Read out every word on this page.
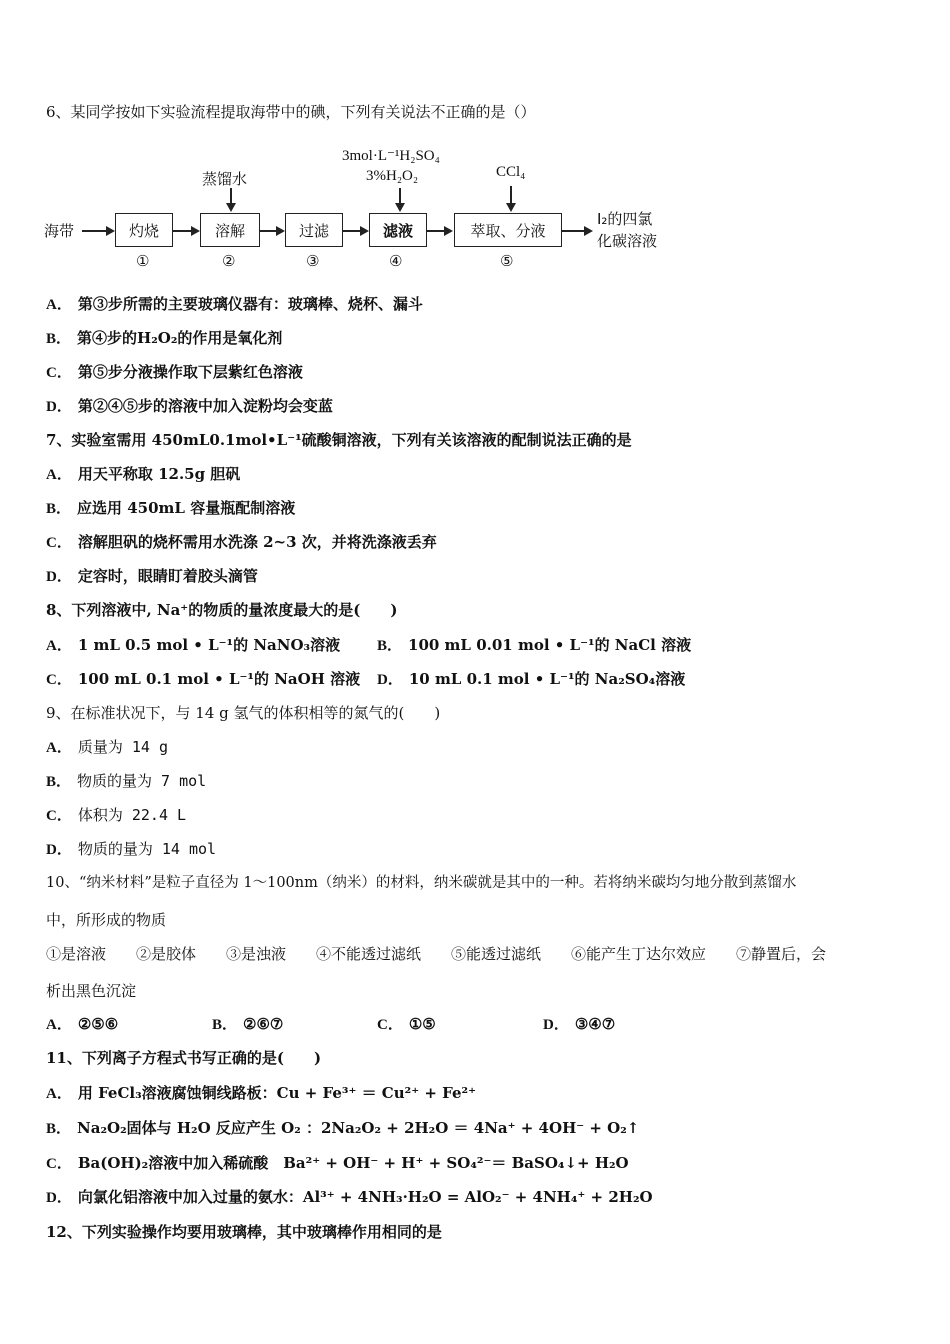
6、某同学按如下实验流程提取海带中的碘，下列有关说法不正确的是（）
海带	灼烧
①
蒸馏水
溶解
②
过滤
③
3mol·L⁻¹H₂SO₄
3%H₂O₂
滤液
④
CCl₄
萃取、分液
⑤
I₂的四氯
化碳溶液
A． 第③步所需的主要玻璃仪器有：玻璃棒、烧杯、漏斗
B． 第④步的H₂O₂的作用是氧化剂
C． 第⑤步分液操作取下层紫红色溶液
D． 第②④⑤步的溶液中加入淀粉均会变蓝
7、实验室需用 450mL0.1mol•L⁻¹硫酸铜溶液，下列有关该溶液的配制说法正确的是
A． 用天平称取 12.5g 胆矾
B． 应选用 450mL 容量瓶配制溶液
C． 溶解胆矾的烧杯需用水洗涤 2~3 次，并将洗涤液丢弃
D． 定容时，眼睛盯着胶头滴管
8、下列溶液中, Na⁺的物质的量浓度最大的是(　　)
A． 1 mL 0.5 mol • L⁻¹的 NaNO₃溶液 B． 100 mL 0.01 mol • L⁻¹的 NaCl 溶液
C． 100 mL 0.1 mol • L⁻¹的 NaOH 溶液 D． 10 mL 0.1 mol • L⁻¹的 Na₂SO₄溶液
9、在标准状况下，与 14 g 氢气的体积相等的氮气的(　　)
A． 质量为 14 g
B． 物质的量为 7 mol
C． 体积为 22.4 L
D． 物质的量为 14 mol
10、“纳米材料”是粒子直径为 1～100nm（纳米）的材料，纳米碳就是其中的一种。若将纳米碳均匀地分散到蒸馏水
中，所形成的物质
①是溶液　　②是胶体　　③是浊液　　④不能透过滤纸　　⑤能透过滤纸　　⑥能产生丁达尔效应　　⑦静置后，会
析出黑色沉淀
A． ②⑤⑥	B． ②⑥⑦	C． ①⑤	D． ③④⑦
11、下列离子方程式书写正确的是(　　)
A． 用 FeCl₃溶液腐蚀铜线路板：Cu + Fe³⁺ ＝ Cu²⁺ + Fe²⁺
B． Na₂O₂固体与 H₂O 反应产生 O₂ ：2Na₂O₂ + 2H₂O ＝ 4Na⁺ + 4OH⁻ + O₂↑
C． Ba(OH)₂溶液中加入稀硫酸　Ba²⁺ + OH⁻ + H⁺ + SO₄²⁻＝ BaSO₄↓+ H₂O
D． 向氯化铝溶液中加入过量的氨水：Al³⁺ + 4NH₃·H₂O = AlO₂⁻ + 4NH₄⁺ + 2H₂O
12、下列实验操作均要用玻璃棒，其中玻璃棒作用相同的是
